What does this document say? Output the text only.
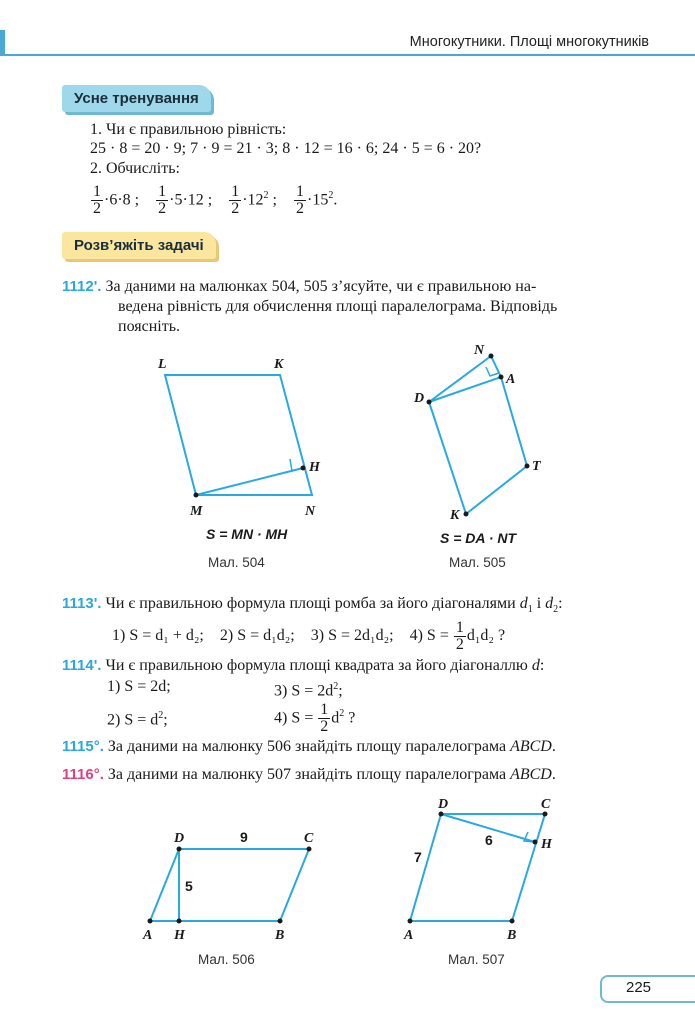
Многокутники. Площі многокутників
Усне тренування
1. Чи є правильною рівність:
25 · 8 = 20 · 9; 7 · 9 = 21 · 3; 8 · 12 = 16 · 6; 24 · 5 = 6 · 20?
2. Обчисліть:
$\frac{1}{2} \cdot 6\cdot 8$ ; $\frac{1}{2} \cdot 5\cdot 12$ ; $\frac{1}{2} \cdot 12^2$ ; $\frac{1}{2} \cdot 15^2$.
Розв’яжіть задачі
1112'. За даними на малюнках 504, 505 з’ясуйте, чи є правильною на-
ведена рівність для обчислення площі паралелограма. Відповідь
поясніть.
L	K
H
M	N
N
A
D
T
K
S = MN · MH	S = DA · NT
Мал. 504	Мал. 505
1113'. Чи є правильною формула площі ромба за його діагоналями $d_1$ і $d_2$:
1) S = d₁ + d₂; 2) S = d₁d₂; 3) S = 2d₁d₂; 4) $S = \frac{1}{2} d_1d_2$ ?
1114'. Чи є правильною формула площі квадрата за його діагоналлю d:
1) S = 2d;	3) $S = 2d^2$;
2) $S = d^2$;	4) $S = \frac{1}{2} d^2$ ?
1115°. За даними на малюнку 506 знайдіть площу паралелограма ABCD.
1116°. За даними на малюнку 507 знайдіть площу паралелограма ABCD.
D	C
A H	B
9
5
D	C
H
A	B
7
6
Мал. 506	Мал. 507
225
